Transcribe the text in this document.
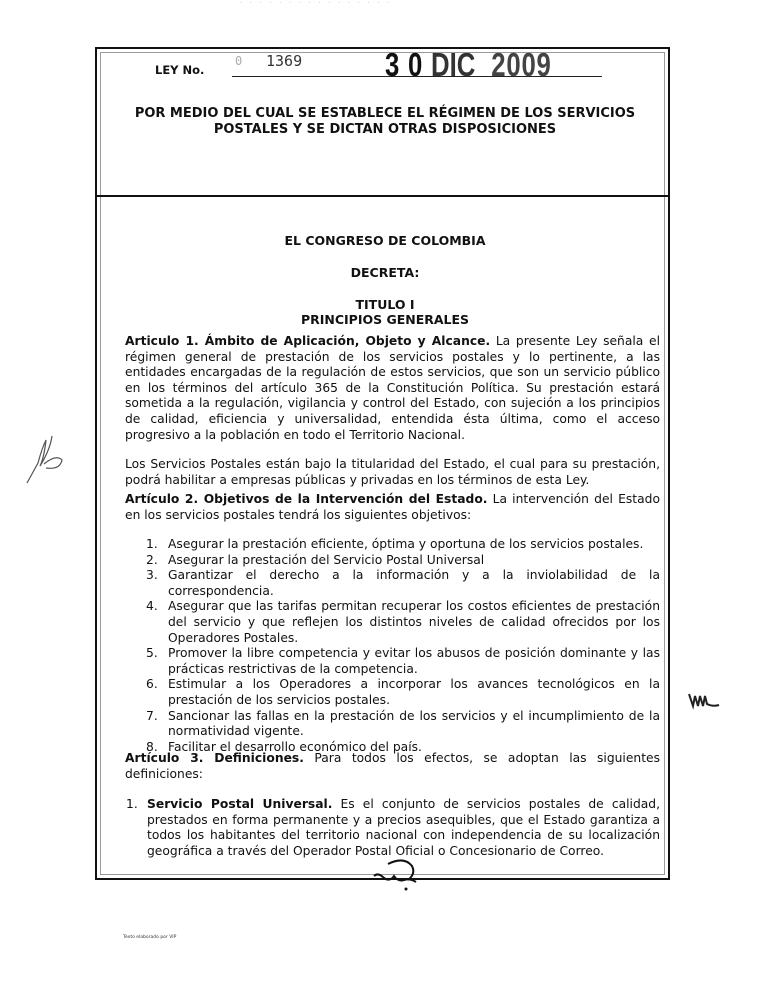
· · · · · · · · · · · · · · · ·
LEY No.
0 1369	3 0 DIC 2009
POR MEDIO DEL CUAL SE ESTABLECE EL RÉGIMEN DE LOS SERVICIOS
POSTALES Y SE DICTAN OTRAS DISPOSICIONES
EL CONGRESO DE COLOMBIA
DECRETA:
TITULO I
PRINCIPIOS GENERALES
Articulo 1. Ámbito de Aplicación, Objeto y Alcance. La presente Ley señala el régimen general de prestación de los servicios postales y lo pertinente, a las entidades encargadas de la regulación de estos servicios, que son un servicio público en los términos del artículo 365 de la Constitución Política. Su prestación estará sometida a la regulación, vigilancia y control del Estado, con sujeción a los principios de calidad, eficiencia y universalidad, entendida ésta última, como el acceso progresivo a la población en todo el Territorio Nacional.
Los Servicios Postales están bajo la titularidad del Estado, el cual para su prestación, podrá habilitar a empresas públicas y privadas en los términos de esta Ley.
Artículo 2. Objetivos de la Intervención del Estado. La intervención del Estado en los servicios postales tendrá los siguientes objetivos:
1. Asegurar la prestación eficiente, óptima y oportuna de los servicios postales.
2. Asegurar la prestación del Servicio Postal Universal
3. Garantizar el derecho a la información y a la inviolabilidad de la correspondencia.
4. Asegurar que las tarifas permitan recuperar los costos eficientes de prestación del servicio y que reflejen los distintos niveles de calidad ofrecidos por los Operadores Postales.
5. Promover la libre competencia y evitar los abusos de posición dominante y las prácticas restrictivas de la competencia.
6. Estimular a los Operadores a incorporar los avances tecnológicos en la prestación de los servicios postales.
7. Sancionar las fallas en la prestación de los servicios y el incumplimiento de la normatividad vigente.
8. Facilitar el desarrollo económico del país.
Artículo 3. Definiciones. Para todos los efectos, se adoptan las siguientes definiciones:
1. Servicio Postal Universal. Es el conjunto de servicios postales de calidad, prestados en forma permanente y a precios asequibles, que el Estado garantiza a todos los habitantes del territorio nacional con independencia de su localización geográfica a través del Operador Postal Oficial o Concesionario de Correo.
Texto elaborado por VIP
